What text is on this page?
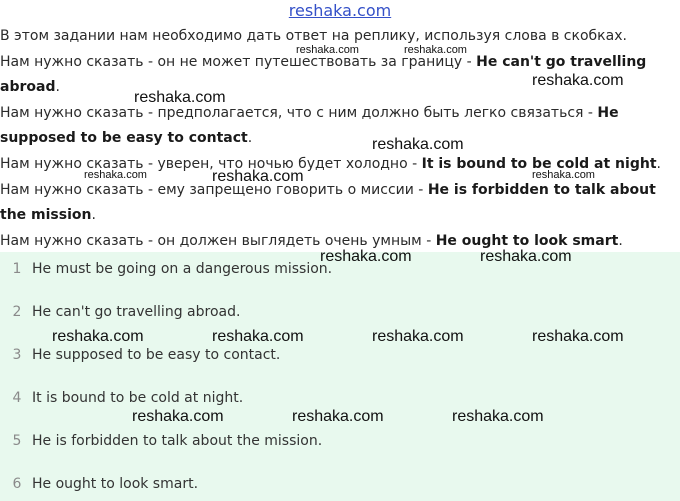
reshaka.com

В этом задании нам необходимо дать ответ на реплику, используя слова в скобках.

Нам нужно сказать - он не может путешествовать за границу - He can't go travelling abroad.

Нам нужно сказать - предполагается, что с ним должно быть легко связаться - He supposed to be easy to contact.

Нам нужно сказать - уверен, что ночью будет холодно - It is bound to be cold at night.

Нам нужно сказать - ему запрещено говорить о миссии - He is forbidden to talk about the mission.

Нам нужно сказать - он должен выглядеть очень умным - He ought to look smart.

1 He must be going on a dangerous mission.
2 He can't go travelling abroad.
3 He supposed to be easy to contact.
4 It is bound to be cold at night.
5 He is forbidden to talk about the mission.
6 He ought to look smart.
reshaka.com	reshaka.com
reshaka.com
reshaka.com
reshaka.com
reshaka.com	reshaka.com	reshaka.com
reshaka.com	reshaka.com
reshaka.com	reshaka.com	reshaka.com	reshaka.com
reshaka.com	reshaka.com	reshaka.com
